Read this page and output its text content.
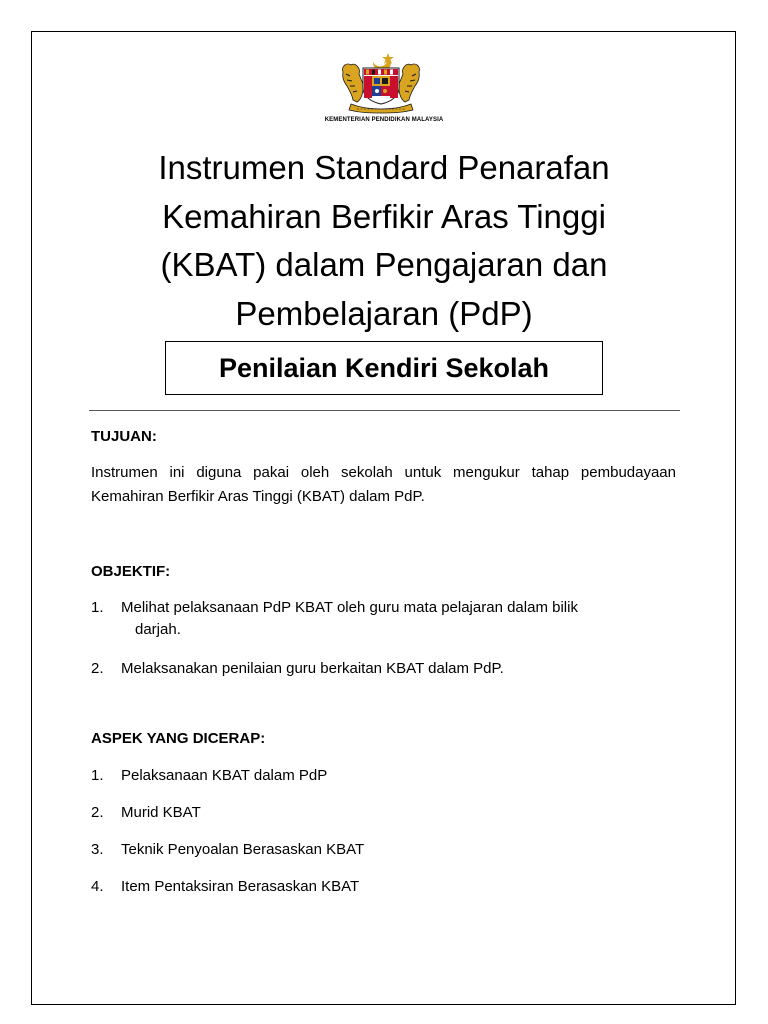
KEMENTERIAN PENDIDIKAN MALAYSIA
Instrumen Standard Penarafan
Kemahiran Berfikir Aras Tinggi
(KBAT) dalam Pengajaran dan
Pembelajaran (PdP)
Penilaian Kendiri Sekolah
TUJUAN:
Instrumen ini diguna pakai oleh sekolah untuk mengukur tahap pembudayaan Kemahiran Berfikir Aras Tinggi (KBAT) dalam PdP.
OBJEKTIF:
1.	Melihat pelaksanaan PdP KBAT oleh guru mata pelajaran dalam bilik
darjah.
2.	Melaksanakan penilaian guru berkaitan KBAT dalam PdP.
ASPEK YANG DICERAP:
1.	Pelaksanaan KBAT dalam PdP
2.	Murid KBAT
3.	Teknik Penyoalan Berasaskan KBAT
4.	Item Pentaksiran Berasaskan KBAT
